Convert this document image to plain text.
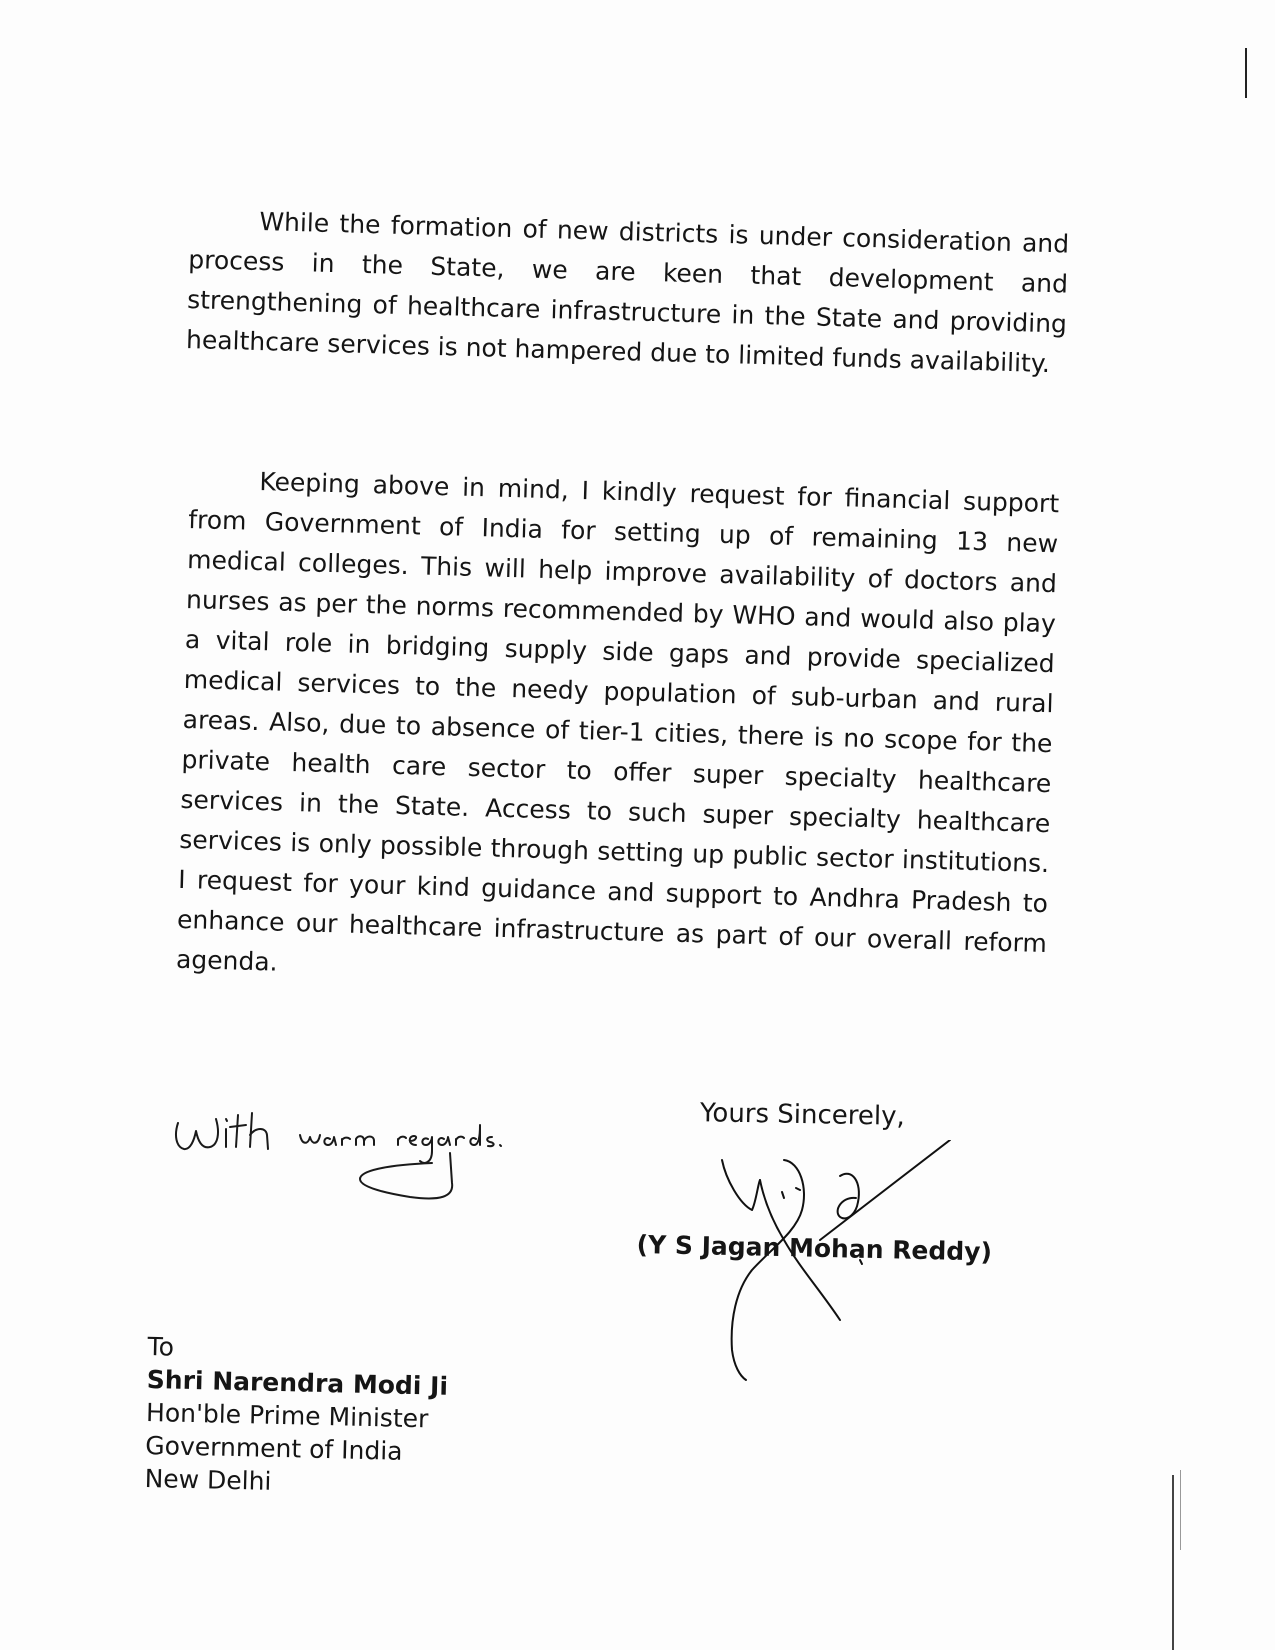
While the formation of new districts is under consideration and process in the State, we are keen that development and strengthening of healthcare infrastructure in the State and providing healthcare services is not hampered due to limited funds availability.

Keeping above in mind, I kindly request for financial support from Government of India for setting up of remaining 13 new medical colleges. This will help improve availability of doctors and nurses as per the norms recommended by WHO and would also play a vital role in bridging supply side gaps and provide specialized medical services to the needy population of sub-urban and rural areas. Also, due to absence of tier-1 cities, there is no scope for the private health care sector to offer super specialty healthcare services in the State. Access to such super specialty healthcare services is only possible through setting up public sector institutions. I request for your kind guidance and support to Andhra Pradesh to enhance our healthcare infrastructure as part of our overall reform agenda.

Yours Sincerely,
(Y S Jagan Mohan Reddy)
To
Shri Narendra Modi Ji
Hon'ble Prime Minister
Government of India
New Delhi
